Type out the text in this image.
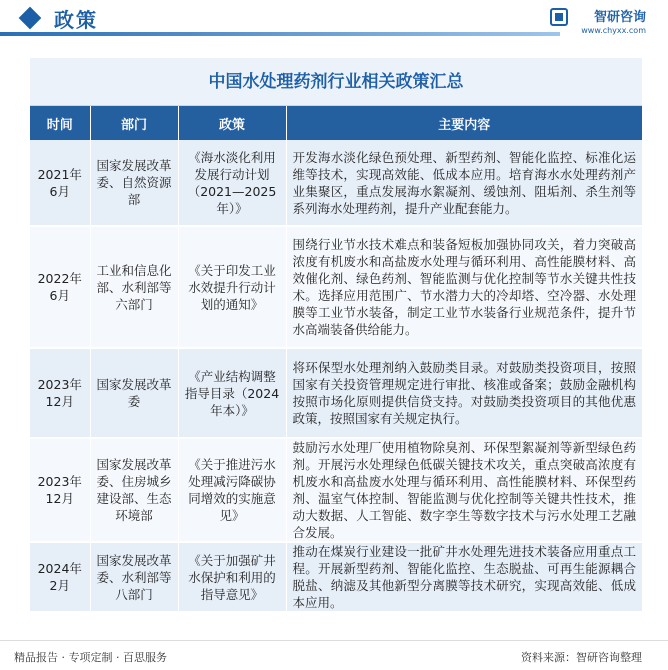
政策	智研咨询
www.chyxx.com
中国水处理药剂行业相关政策汇总
时间	部门	政策	主要内容
2021年6月	国家发展改革委、自然资源部	《海水淡化利用发展行动计划（2021—2025年）》	开发海水淡化绿色预处理、新型药剂、智能化监控、标准化运维等技术，实现高效能、低成本应用。培育海水水处理药剂产业集聚区，重点发展海水絮凝剂、缓蚀剂、阻垢剂、杀生剂等系列海水处理药剂，提升产业配套能力。
2022年6月	工业和信息化部、水利部等六部门	《关于印发工业水效提升行动计划的通知》	围绕行业节水技术难点和装备短板加强协同攻关，着力突破高浓度有机废水和高盐废水处理与循环利用、高性能膜材料、高效催化剂、绿色药剂、智能监测与优化控制等节水关键共性技术。选择应用范围广、节水潜力大的冷却塔、空冷器、水处理膜等工业节水装备，制定工业节水装备行业规范条件，提升节水高端装备供给能力。
2023年12月	国家发展改革委	《产业结构调整指导目录（2024年本）》	将环保型水处理剂纳入鼓励类目录。对鼓励类投资项目，按照国家有关投资管理规定进行审批、核准或备案；鼓励金融机构按照市场化原则提供信贷支持。对鼓励类投资项目的其他优惠政策，按照国家有关规定执行。
2023年12月	国家发展改革委、住房城乡建设部、生态环境部	《关于推进污水处理减污降碳协同增效的实施意见》	鼓励污水处理厂使用植物除臭剂、环保型絮凝剂等新型绿色药剂。开展污水处理绿色低碳关键技术攻关，重点突破高浓度有机废水和高盐废水处理与循环利用、高性能膜材料、环保型药剂、温室气体控制、智能监测与优化控制等关键共性技术，推动大数据、人工智能、数字孪生等数字技术与污水处理工艺融合发展。
2024年2月	国家发展改革委、水利部等八部门	《关于加强矿井水保护和利用的指导意见》	推动在煤炭行业建设一批矿井水处理先进技术装备应用重点工程。开展新型药剂、智能化监控、生态脱盐、可再生能源耦合脱盐、纳滤及其他新型分离膜等技术研究，实现高效能、低成本应用。
精品报告 · 专项定制 · 百思服务	资料来源：智研咨询整理
